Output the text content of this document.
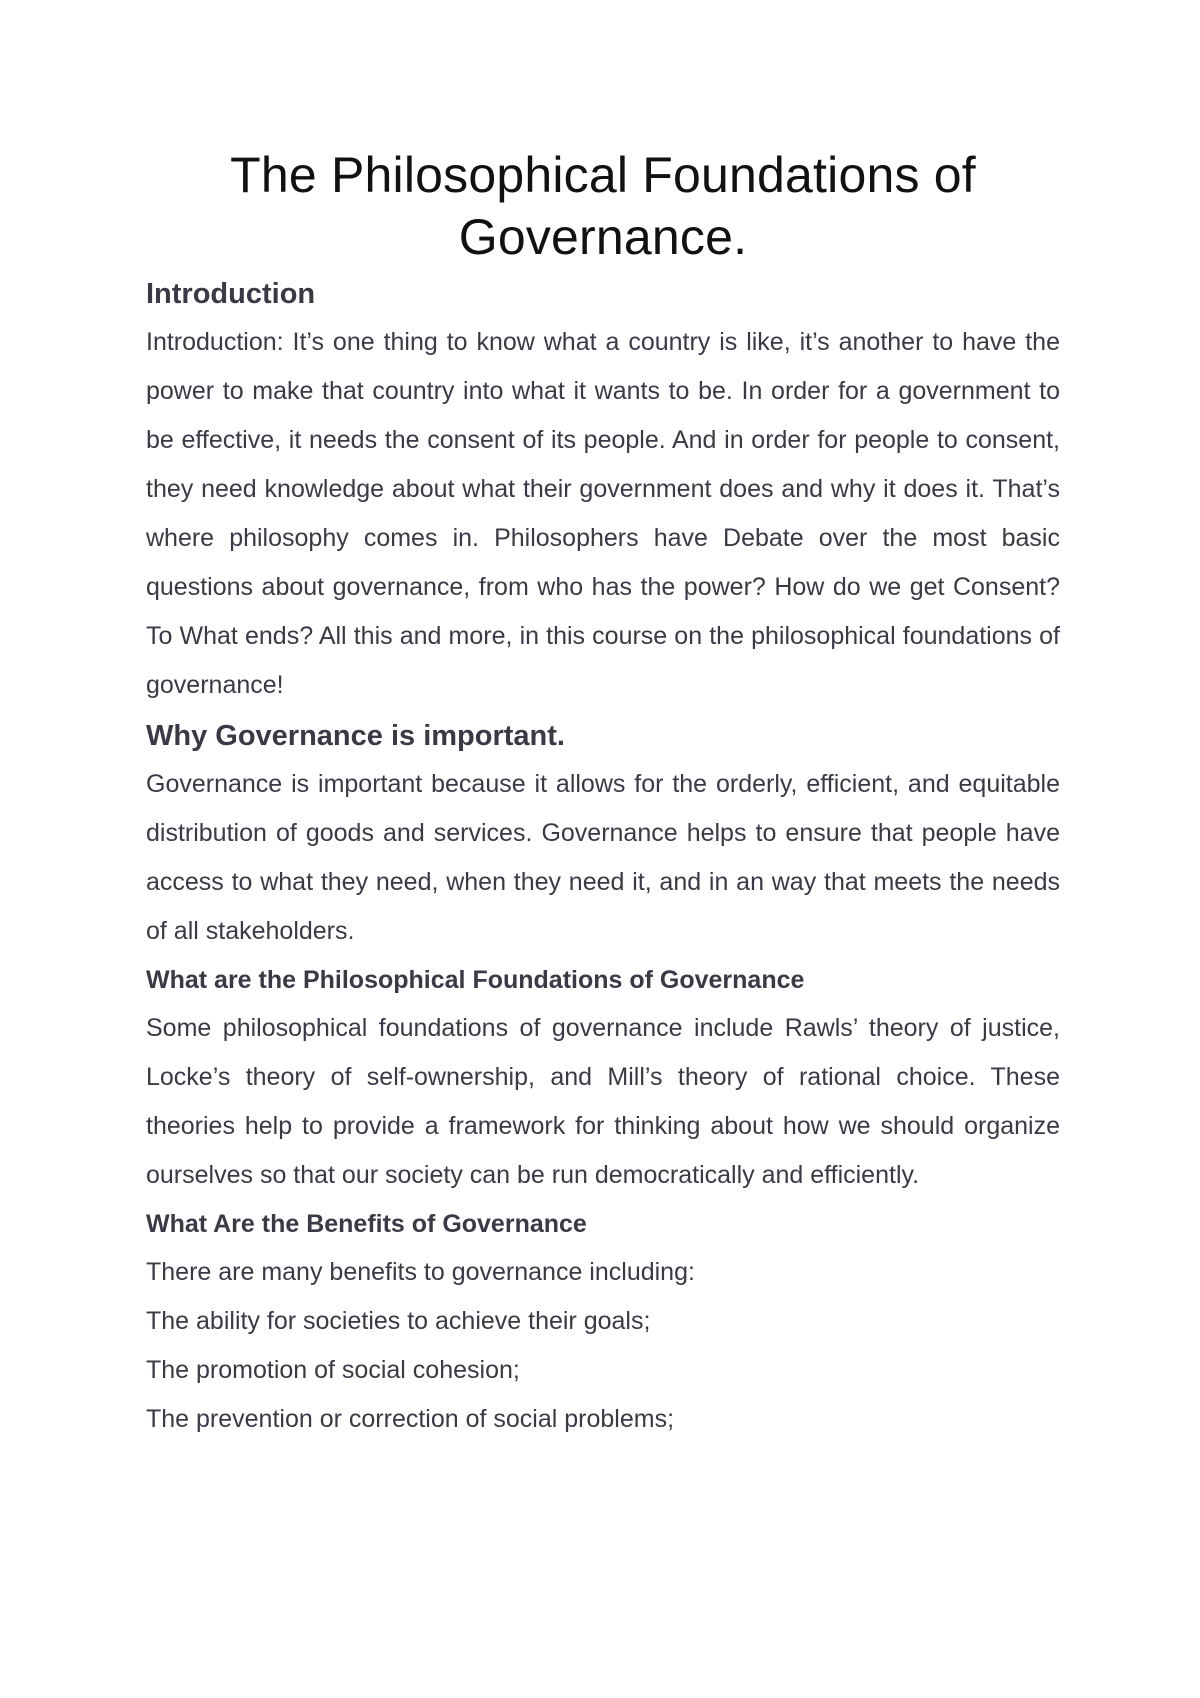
The Philosophical Foundations of Governance.
Introduction

Introduction: It’s one thing to know what a country is like, it’s another to have the power to make that country into what it wants to be. In order for a government to be effective, it needs the consent of its people. And in order for people to consent, they need knowledge about what their government does and why it does it. That’s where philosophy comes in. Philosophers have Debate over the most basic questions about governance, from who has the power? How do we get Consent? To What ends? All this and more, in this course on the philosophical foundations of governance!

Why Governance is important.

Governance is important because it allows for the orderly, efficient, and equitable distribution of goods and services. Governance helps to ensure that people have access to what they need, when they need it, and in an way that meets the needs of all stakeholders.

What are the Philosophical Foundations of Governance

Some philosophical foundations of governance include Rawls’ theory of justice, Locke’s theory of self-ownership, and Mill’s theory of rational choice. These theories help to provide a framework for thinking about how we should organize ourselves so that our society can be run democratically and efficiently.

What Are the Benefits of Governance

There are many benefits to governance including:

The ability for societies to achieve their goals;

The promotion of social cohesion;

The prevention or correction of social problems;
